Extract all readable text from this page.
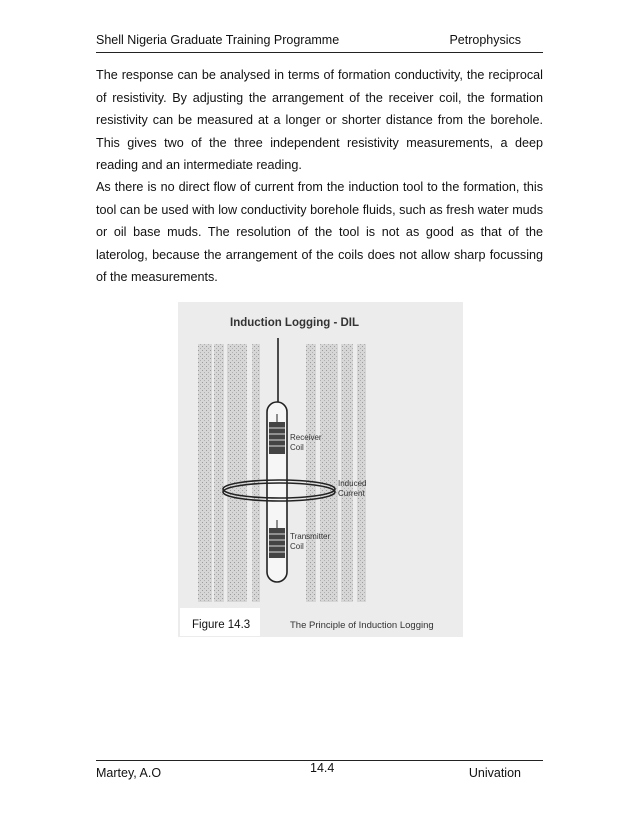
Shell Nigeria Graduate Training Programme	Petrophysics

The response can be analysed in terms of formation conductivity, the reciprocal of resistivity. By adjusting the arrangement of the receiver coil, the formation resistivity can be measured at a longer or shorter distance from the borehole. This gives two of the three independent resistivity measurements, a deep reading and an intermediate reading.

As there is no direct flow of current from the induction tool to the formation, this tool can be used with low conductivity borehole fluids, such as fresh water muds or oil base muds. The resolution of the tool is not as good as that of the laterolog, because the arrangement of the coils does not allow sharp focussing of the measurements.

Induction Logging - DIL
Receiver
Coil
Induced
Current
Transmitter
Coil
Figure 14.3	The Principle of Induction Logging
Martey, A.O	14.4	Univation
